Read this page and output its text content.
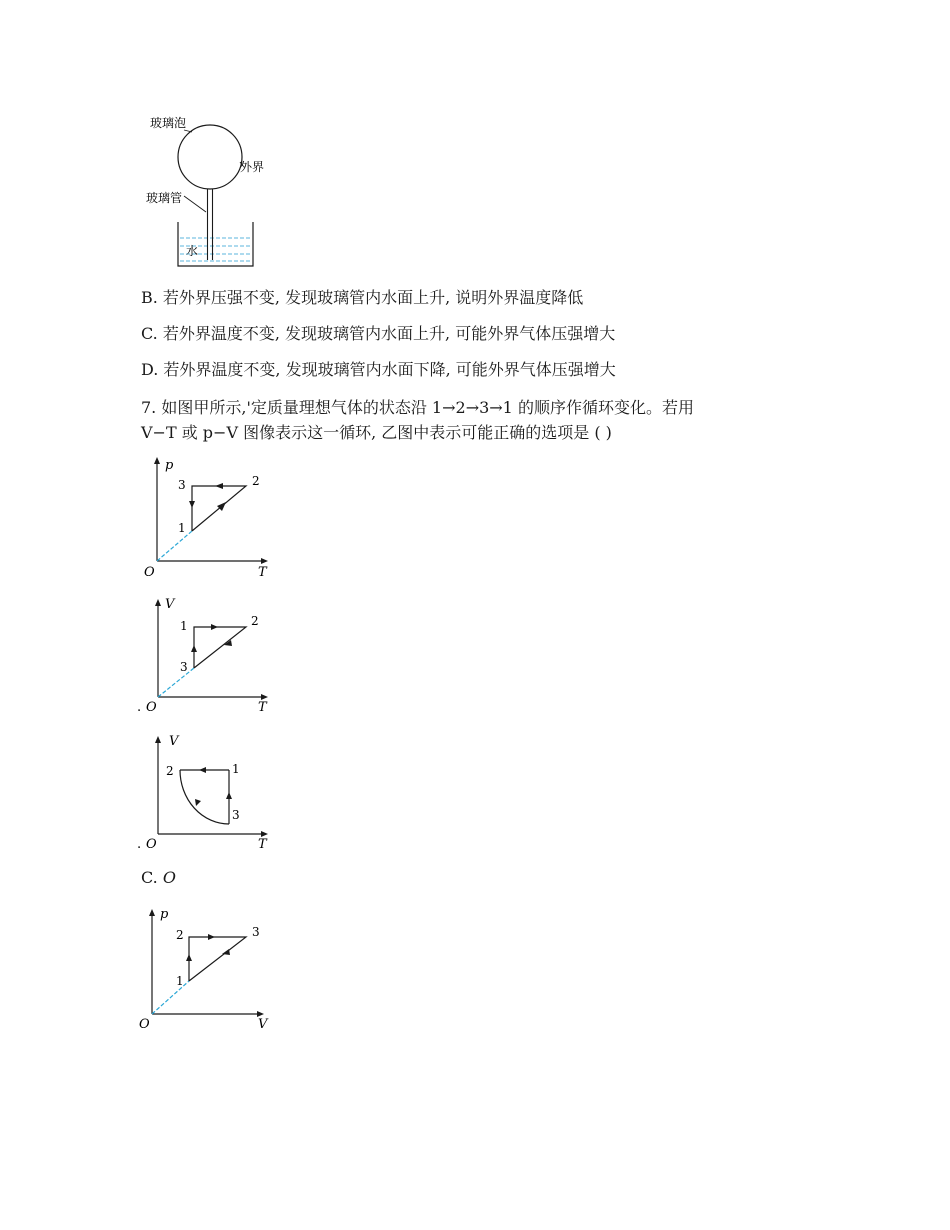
玻璃泡
外界
玻璃管
水
B. 若外界压强不变, 发现玻璃管内水面上升, 说明外界温度降低
C. 若外界温度不变, 发现玻璃管内水面上升, 可能外界气体压强增大
D. 若外界温度不变, 发现玻璃管内水面下降, 可能外界气体压强增大
7. 如图甲所示,'定质量理想气体的状态沿 1→2→3→1 的顺序作循环变化。若用
V−T 或 p−V 图像表示这一循环, 乙图中表示可能正确的选项是 ( )
p
T
O
3	2
1
.
V
T
O
1	2
3
.
V
T
O
2	1
3
C. O
p
V
O
2	3
1
